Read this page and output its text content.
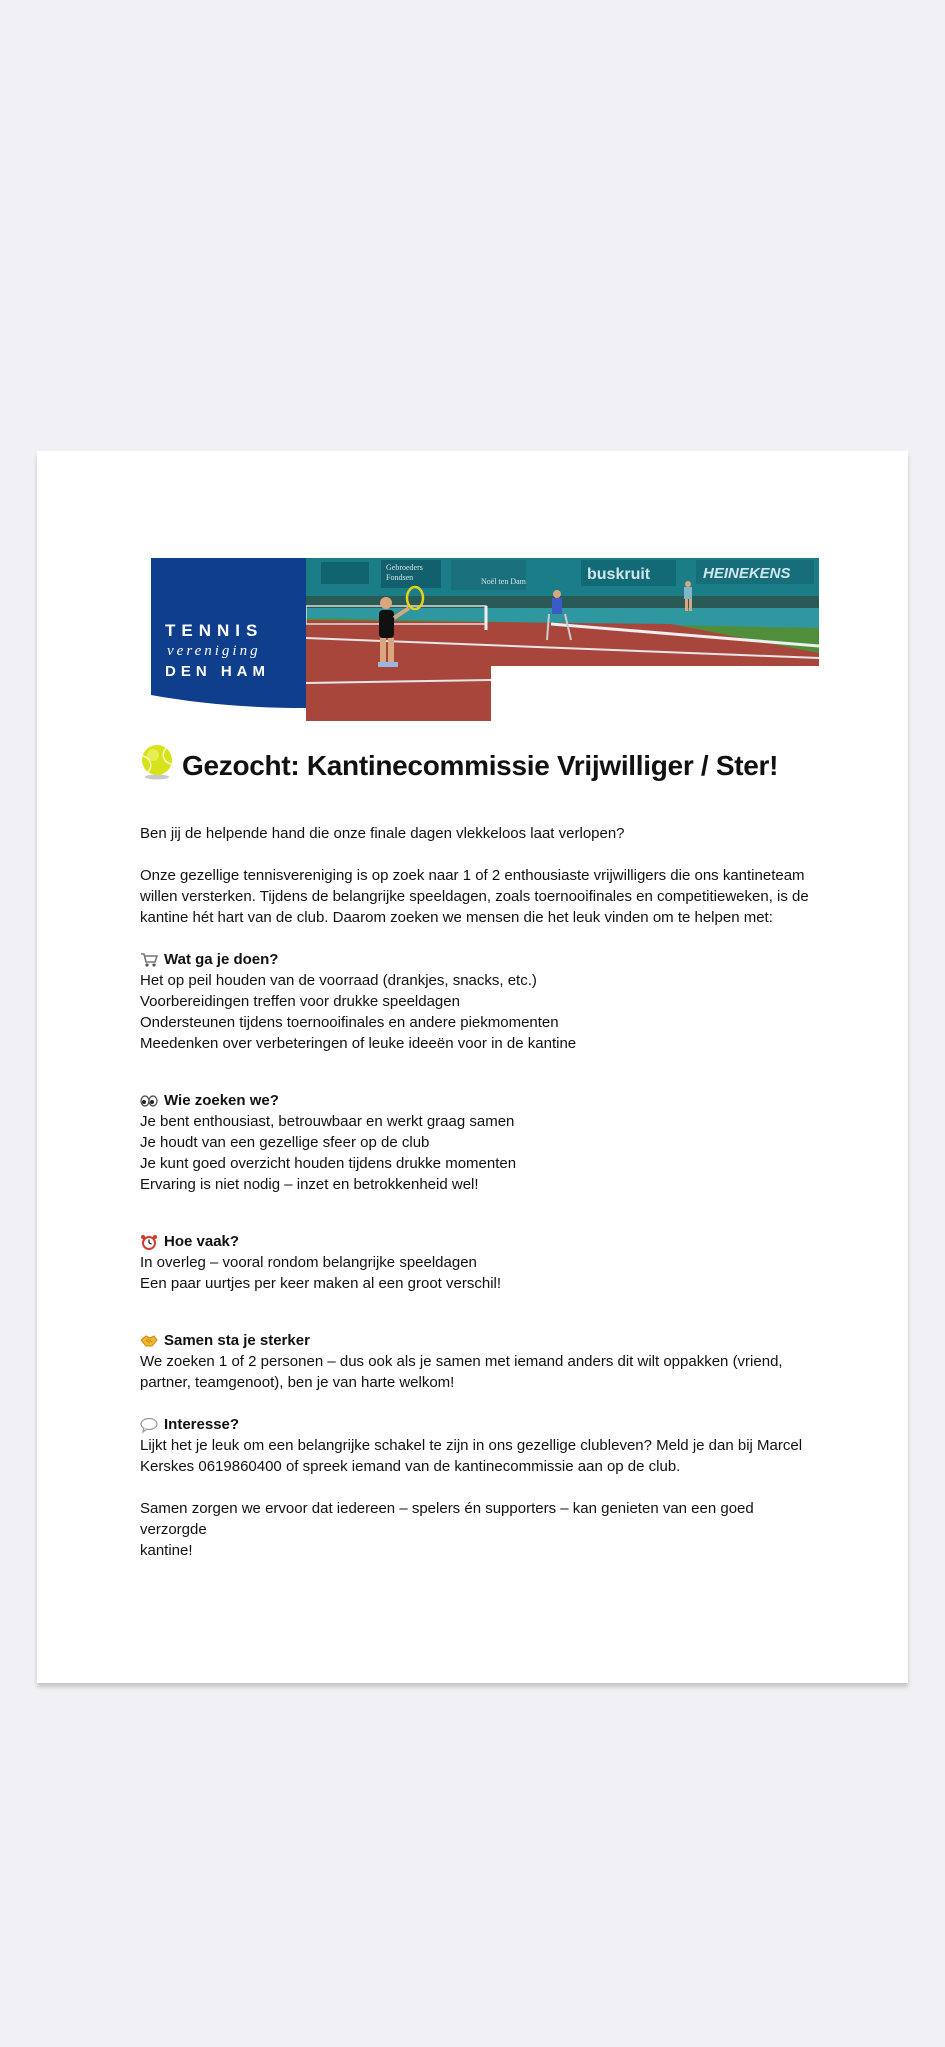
buskruit	HEINEKENS
Gebroeders
Fondsen	Noël ten Dam
TENNIS
vereniging
DEN HAM
Gezocht: Kantinecommissie Vrijwilliger / Ster!

Ben jij de helpende hand die onze finale dagen vlekkeloos laat verlopen?

Onze gezellige tennisvereniging is op zoek naar 1 of 2 enthousiaste vrijwilligers die ons kantineteam
willen versterken. Tijdens de belangrijke speeldagen, zoals toernooifinales en competitieweken, is de
kantine hét hart van de club. Daarom zoeken we mensen die het leuk vinden om te helpen met:

Wat ga je doen?
Het op peil houden van de voorraad (drankjes, snacks, etc.)
Voorbereidingen treffen voor drukke speeldagen
Ondersteunen tijdens toernooifinales en andere piekmomenten
Meedenken over verbeteringen of leuke ideeën voor in de kantine
Wie zoeken we?
Je bent enthousiast, betrouwbaar en werkt graag samen
Je houdt van een gezellige sfeer op de club
Je kunt goed overzicht houden tijdens drukke momenten
Ervaring is niet nodig – inzet en betrokkenheid wel!
Hoe vaak?
In overleg – vooral rondom belangrijke speeldagen
Een paar uurtjes per keer maken al een groot verschil!
Samen sta je sterker
We zoeken 1 of 2 personen – dus ook als je samen met iemand anders dit wilt oppakken (vriend,
partner, teamgenoot), ben je van harte welkom!
Interesse?
Lijkt het je leuk om een belangrijke schakel te zijn in ons gezellige clubleven? Meld je dan bij Marcel
Kerskes 0619860400 of spreek iemand van de kantinecommissie aan op de club.

Samen zorgen we ervoor dat iedereen – spelers én supporters – kan genieten van een goed verzorgde
kantine!
